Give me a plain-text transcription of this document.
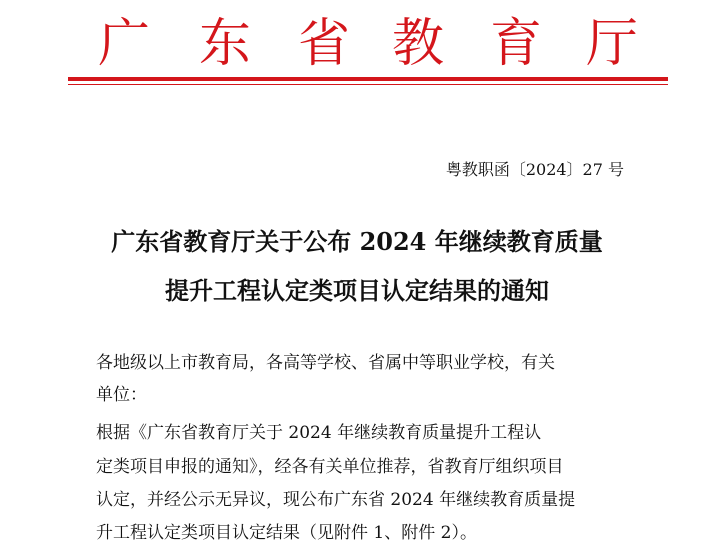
广 东 省 教 育 厅
粤教职函〔2024〕27 号
广东省教育厅关于公布 2024 年继续教育质量
提升工程认定类项目认定结果的通知
各地级以上市教育局，各高等学校、省属中等职业学校，有关
单位：
根据《广东省教育厅关于 2024 年继续教育质量提升工程认
定类项目申报的通知》，经各有关单位推荐，省教育厅组织项目
认定，并经公示无异议，现公布广东省 2024 年继续教育质量提
升工程认定类项目认定结果（见附件 1、附件 2）。
